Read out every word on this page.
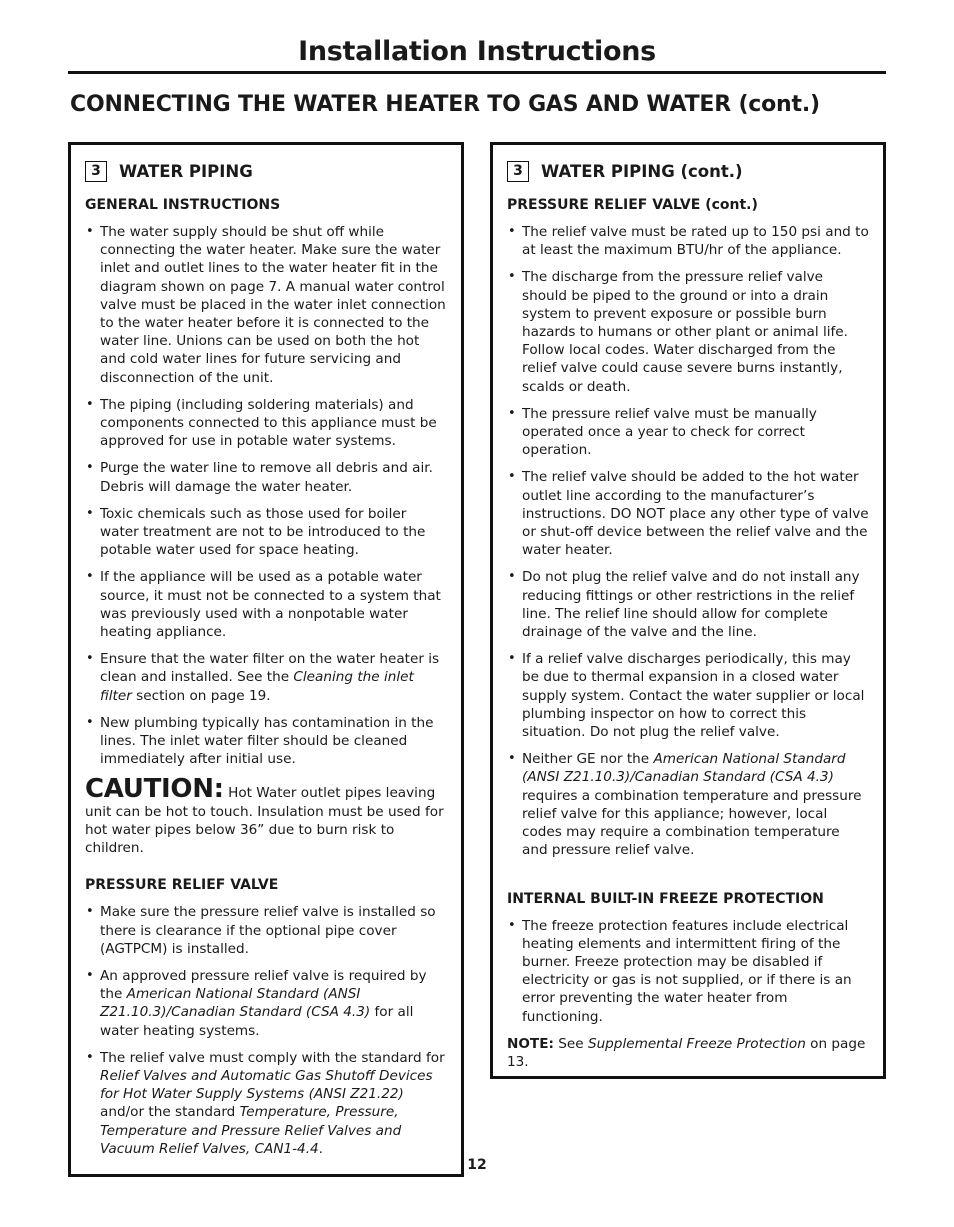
Installation Instructions
CONNECTING THE WATER HEATER TO GAS AND WATER (cont.)
3	WATER PIPING
GENERAL INSTRUCTIONS
• The water supply should be shut off while connecting the water heater. Make sure the water inlet and outlet lines to the water heater fit in the diagram shown on page 7. A manual water control valve must be placed in the water inlet connection to the water heater before it is connected to the water line. Unions can be used on both the hot and cold water lines for future servicing and disconnection of the unit.
• The piping (including soldering materials) and components connected to this appliance must be approved for use in potable water systems.
• Purge the water line to remove all debris and air. Debris will damage the water heater.
• Toxic chemicals such as those used for boiler water treatment are not to be introduced to the potable water used for space heating.
• If the appliance will be used as a potable water source, it must not be connected to a system that was previously used with a nonpotable water heating appliance.
• Ensure that the water filter on the water heater is clean and installed. See the Cleaning the inlet filter section on page 19.
• New plumbing typically has contamination in the lines. The inlet water filter should be cleaned immediately after initial use.

CAUTION: Hot Water outlet pipes leaving unit can be hot to touch. Insulation must be used for hot water pipes below 36” due to burn risk to children.

PRESSURE RELIEF VALVE
• Make sure the pressure relief valve is installed so there is clearance if the optional pipe cover (AGTPCM) is installed.
• An approved pressure relief valve is required by the American National Standard (ANSI Z21.10.3)/Canadian Standard (CSA 4.3) for all water heating systems.
• The relief valve must comply with the standard for Relief Valves and Automatic Gas Shutoff Devices for Hot Water Supply Systems (ANSI Z21.22) and/or the standard Temperature, Pressure, Temperature and Pressure Relief Valves and Vacuum Relief Valves, CAN1-4.4.
3	WATER PIPING (cont.)
PRESSURE RELIEF VALVE (cont.)
• The relief valve must be rated up to 150 psi and to at least the maximum BTU/hr of the appliance.
• The discharge from the pressure relief valve should be piped to the ground or into a drain system to prevent exposure or possible burn hazards to humans or other plant or animal life. Follow local codes. Water discharged from the relief valve could cause severe burns instantly, scalds or death.
• The pressure relief valve must be manually operated once a year to check for correct operation.
• The relief valve should be added to the hot water outlet line according to the manufacturer’s instructions. DO NOT place any other type of valve or shut-off device between the relief valve and the water heater.
• Do not plug the relief valve and do not install any reducing fittings or other restrictions in the relief line. The relief line should allow for complete drainage of the valve and the line.
• If a relief valve discharges periodically, this may be due to thermal expansion in a closed water supply system. Contact the water supplier or local plumbing inspector on how to correct this situation. Do not plug the relief valve.
• Neither GE nor the American National Standard (ANSI Z21.10.3)/Canadian Standard (CSA 4.3) requires a combination temperature and pressure relief valve for this appliance; however, local codes may require a combination temperature and pressure relief valve.
INTERNAL BUILT-IN FREEZE PROTECTION
• The freeze protection features include electrical heating elements and intermittent firing of the burner. Freeze protection may be disabled if electricity or gas is not supplied, or if there is an error preventing the water heater from functioning.

NOTE: See Supplemental Freeze Protection on page 13.

12
